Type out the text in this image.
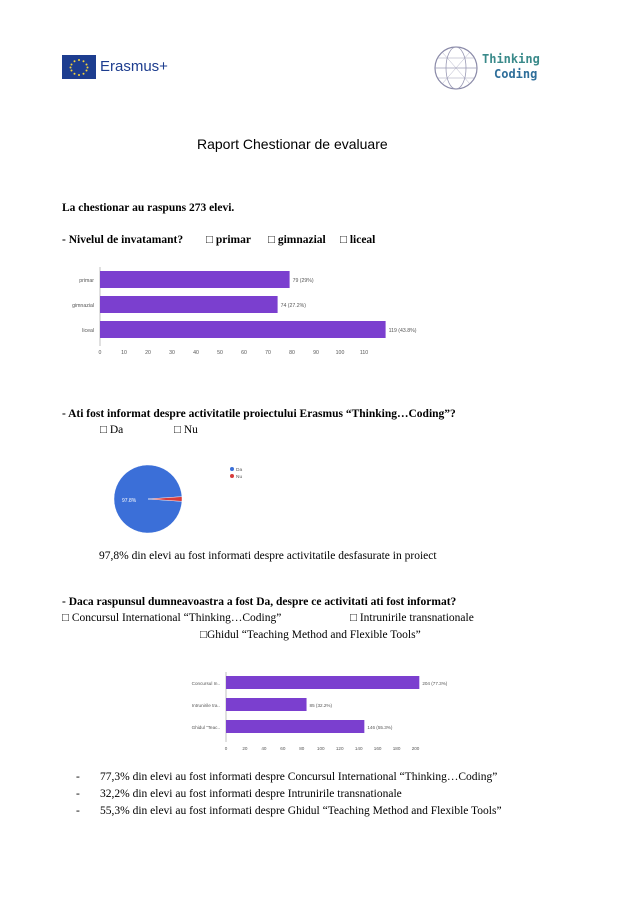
Erasmus+	Thinking
Coding
Raport Chestionar de evaluare
La chestionar au raspuns 273 elevi.
- Nivelul de invatamant? □ primar □ gimnazial □ liceal
primar	79 (29%)
gimnazial	74 (27.2%)
liceal	119 (43.8%)
0	10	20	30	40	50	60	70	80	90	100	110
- Ati fost informat despre activitatile proiectului Erasmus “Thinking…Coding”?
□ Da	□ Nu
97.8%
Da
Nu
97,8% din elevi au fost informati despre activitatile desfasurate in proiect
- Daca raspunsul dumneavoastra a fost Da, despre ce activitati ati fost informat?
□ Concursul International “Thinking…Coding”	□ Intrunirile transnationale
□Ghidul “Teaching Method and Flexible Tools”
Concursul In..	204 (77.3%)
Intrunirile tra..	85 (32.2%)
Ghidul “Teac..	146 (55.3%)
0	20	40	60	80	100 120 140 160 180 200
- 77,3% din elevi au fost informati despre Concursul International “Thinking…Coding”
- 32,2% din elevi au fost informati despre Intrunirile transnationale
- 55,3% din elevi au fost informati despre Ghidul “Teaching Method and Flexible Tools”
